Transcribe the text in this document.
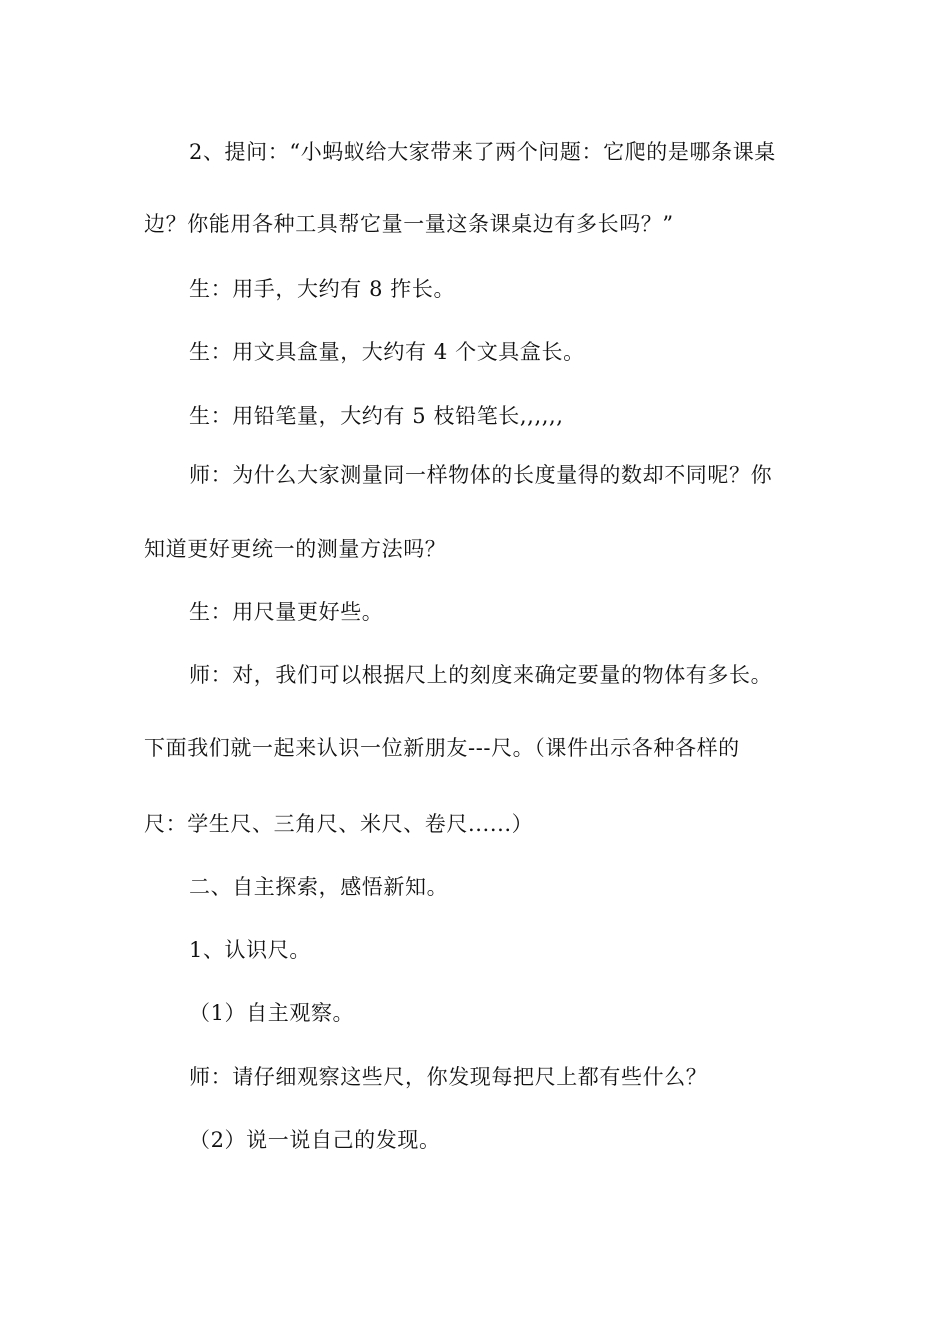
2、提问：“小蚂蚁给大家带来了两个问题：它爬的是哪条课桌
边？你能用各种工具帮它量一量这条课桌边有多长吗？”
生：用手，大约有 8 拃长。
生：用文具盒量，大约有 4 个文具盒长。
生：用铅笔量，大约有 5 枝铅笔长,,,,,,
师：为什么大家测量同一样物体的长度量得的数却不同呢？你
知道更好更统一的测量方法吗？
生：用尺量更好些。
师：对，我们可以根据尺上的刻度来确定要量的物体有多长。
下面我们就一起来认识一位新朋友---尺。（课件出示各种各样的
尺：学生尺、三角尺、米尺、卷尺......）
二、自主探索，感悟新知。
1、认识尺。
（1）自主观察。
师：请仔细观察这些尺，你发现每把尺上都有些什么？
（2）说一说自己的发现。
